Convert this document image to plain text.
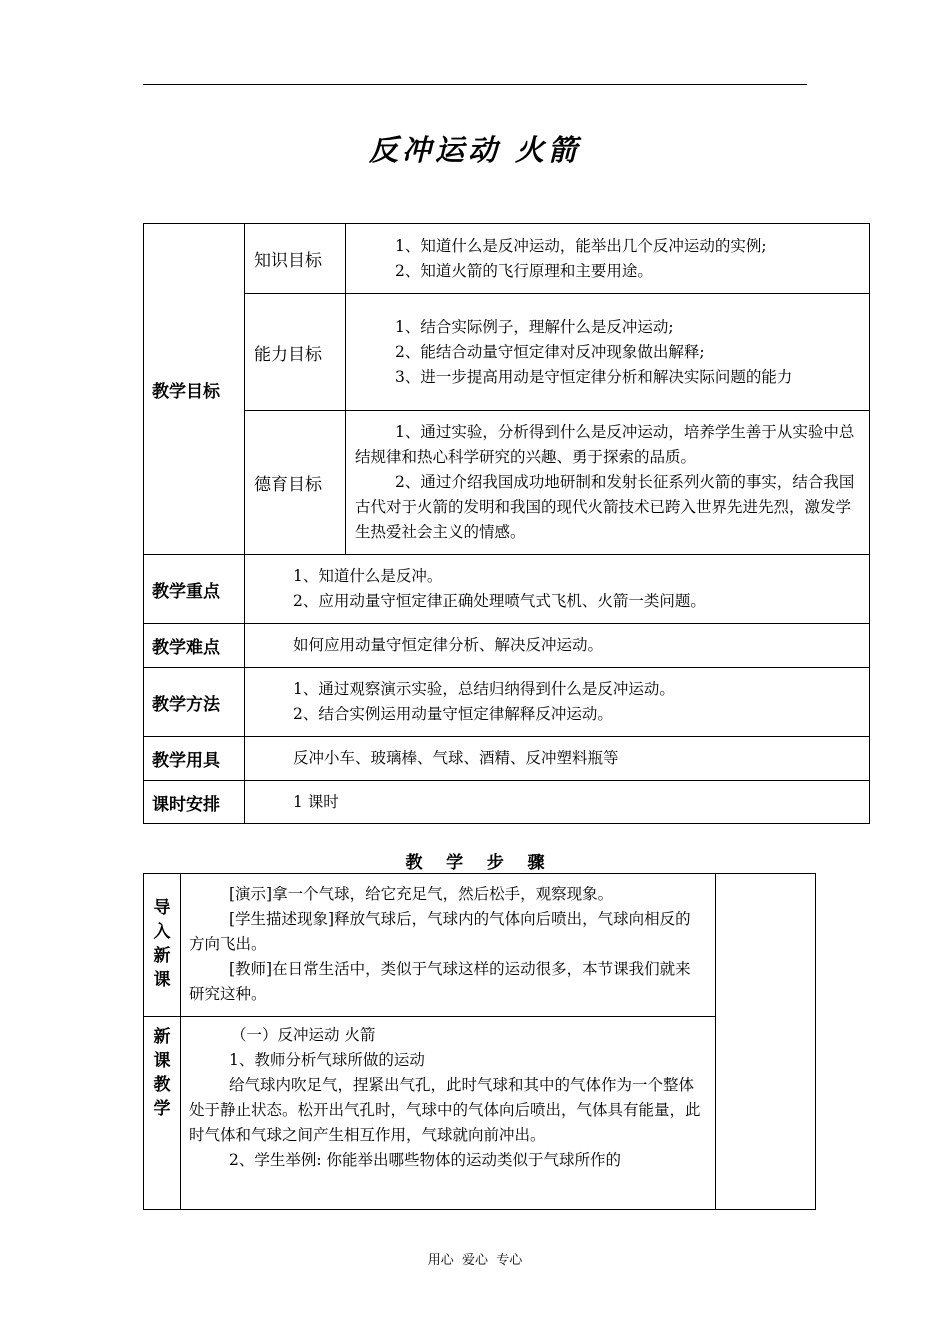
反冲运动 火箭
教学目标	知识目标	1、知道什么是反冲运动，能举出几个反冲运动的实例;
2、知道火箭的飞行原理和主要用途。

	能力目标	1、结合实际例子，理解什么是反冲运动;
2、能结合动量守恒定律对反冲现象做出解释;
3、进一步提高用动是守恒定律分析和解决实际问题的能力

	德育目标	1、通过实验，分析得到什么是反冲运动，培养学生善于从实验中总结规律和热心科学研究的兴趣、勇于探索的品质。
2、通过介绍我国成功地研制和发射长征系列火箭的事实，结合我国古代对于火箭的发明和我国的现代火箭技术已跨入世界先进先烈，激发学生热爱社会主义的情感。

教学重点	1、知道什么是反冲。
2、应用动量守恒定律正确处理喷气式飞机、火箭一类问题。	

教学难点	如何应用动量守恒定律分析、解决反冲运动。	
教学方法	1、通过观察演示实验，总结归纳得到什么是反冲运动。
2、结合实例运用动量守恒定律解释反冲运动。	

教学用具	反冲小车、玻璃棒、气球、酒精、反冲塑料瓶等	
课时安排	1 课时	
教    学    步    骤
导入新课	[演示]拿一个气球，给它充足气，然后松手，观察现象。

[学生描述现象]释放气球后，气球内的气体向后喷出，气球向相反的方向飞出。

[教师]在日常生活中，类似于气球这样的运动很多，本节课我们就来研究这种。	

新课教学	（一）反冲运动 火箭

1、教师分析气球所做的运动

给气球内吹足气，捏紧出气孔，此时气球和其中的气体作为一个整体处于静止状态。松开出气孔时，气球中的气体向后喷出，气体具有能量，此时气体和气球之间产生相互作用，气球就向前冲出。

2、学生举例: 你能举出哪些物体的运动类似于气球所作的	

用心  爱心  专心
